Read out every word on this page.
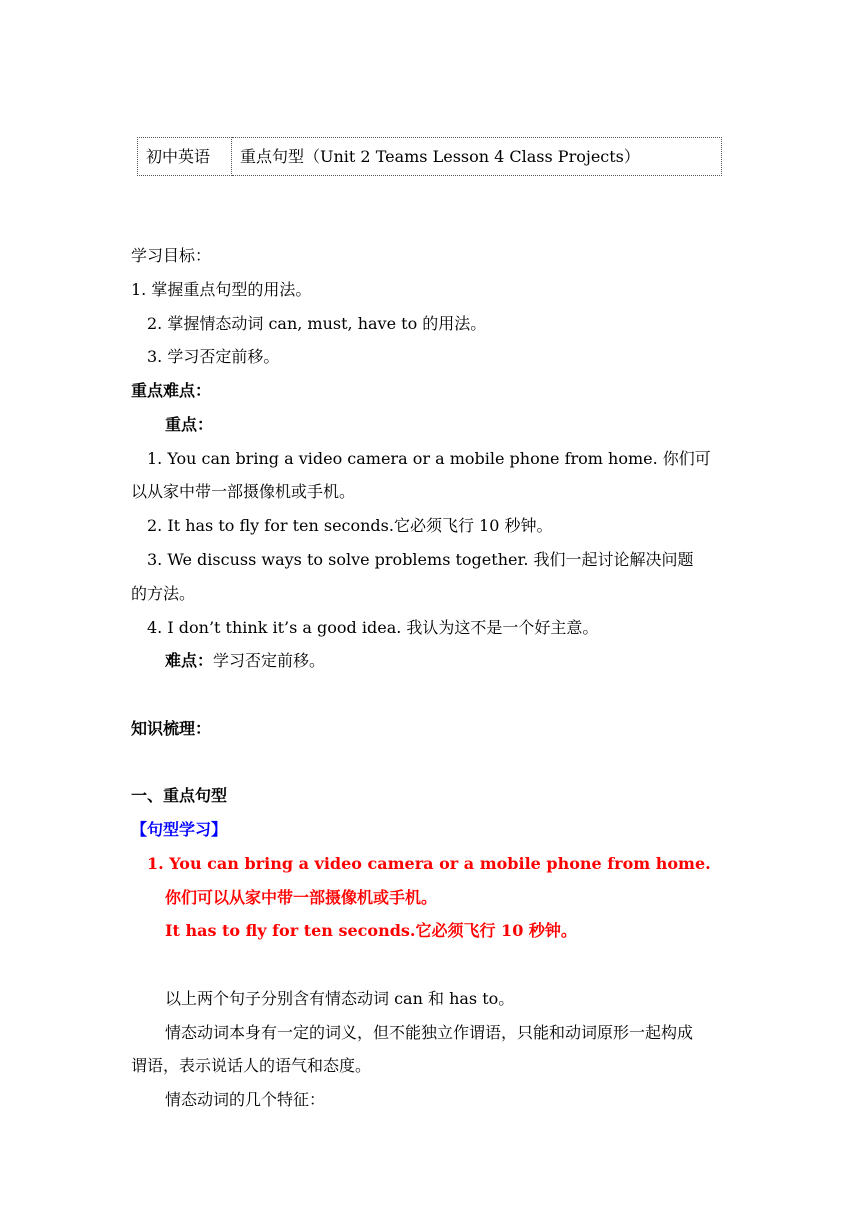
初中英语	重点句型（Unit 2 Teams Lesson 4 Class Projects）
学习目标：
1. 掌握重点句型的用法。
2. 掌握情态动词 can, must, have to 的用法。
3. 学习否定前移。
重点难点：
重点：
1. You can bring a video camera or a mobile phone from home. 你们可
以从家中带一部摄像机或手机。
2. It has to fly for ten seconds.它必须飞行 10 秒钟。
3. We discuss ways to solve problems together. 我们一起讨论解决问题
的方法。
4. I don’t think it’s a good idea. 我认为这不是一个好主意。
难点：学习否定前移。
知识梳理：
一、重点句型
【句型学习】
1. You can bring a video camera or a mobile phone from home.
你们可以从家中带一部摄像机或手机。
It has to fly for ten seconds.它必须飞行 10 秒钟。
以上两个句子分别含有情态动词 can 和 has to。
情态动词本身有一定的词义，但不能独立作谓语，只能和动词原形一起构成
谓语，表示说话人的语气和态度。
情态动词的几个特征：
